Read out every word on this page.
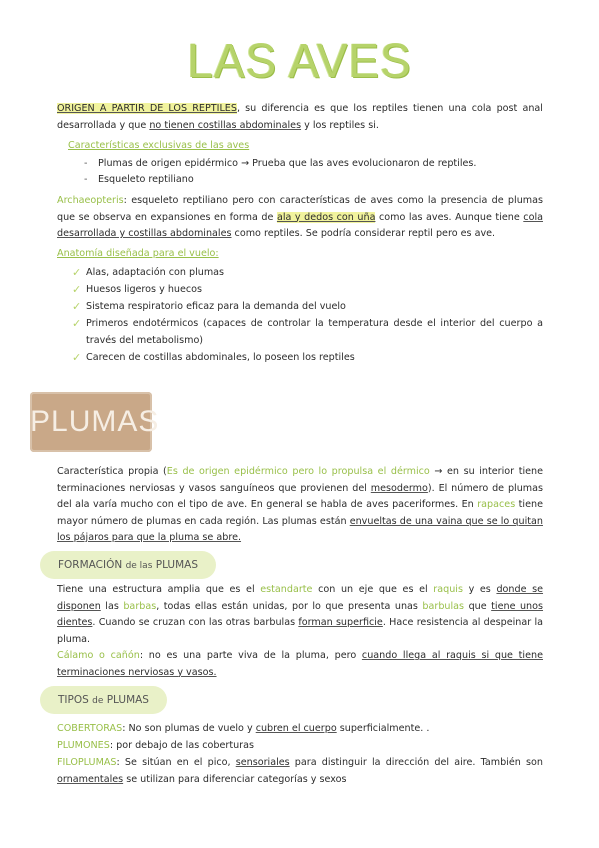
LAS AVES
ORIGEN A PARTIR DE LOS REPTILES, su diferencia es que los reptiles tienen una cola post anal desarrollada y que no tienen costillas abdominales y los reptiles si.
Características exclusivas de las aves
-	Plumas de origen epidérmico → Prueba que las aves evolucionaron de reptiles.
-	Esqueleto reptiliano
Archaeopteris: esqueleto reptiliano pero con características de aves como la presencia de plumas que se observa en expansiones en forma de ala y dedos con uña como las aves. Aunque tiene cola desarrollada y costillas abdominales como reptiles. Se podría considerar reptil pero es ave.
Anatomía diseñada para el vuelo:
✓ Alas, adaptación con plumas
✓ Huesos ligeros y huecos
✓ Sistema respiratorio eficaz para la demanda del vuelo
✓ Primeros endotérmicos (capaces de controlar la temperatura desde el interior del cuerpo a través del metabolismo)
✓ Carecen de costillas abdominales, lo poseen los reptiles
PLUMAS
Característica propia (Es de origen epidérmico pero lo propulsa el dérmico → en su interior tiene terminaciones nerviosas y vasos sanguíneos que provienen del mesodermo). El número de plumas del ala varía mucho con el tipo de ave. En general se habla de aves paceriformes. En rapaces tiene mayor número de plumas en cada región. Las plumas están envueltas de una vaina que se lo quitan los pájaros para que la pluma se abre.
FORMACIÓN de las PLUMAS
Tiene una estructura amplia que es el estandarte con un eje que es el raquis y es donde se disponen las barbas, todas ellas están unidas, por lo que presenta unas barbulas que tiene unos dientes. Cuando se cruzan con las otras barbulas forman superficie. Hace resistencia al despeinar la pluma.
Cálamo o cañón: no es una parte viva de la pluma, pero cuando llega al raquis si que tiene terminaciones nerviosas y vasos.
TIPOS de PLUMAS
COBERTORAS: No son plumas de vuelo y cubren el cuerpo superficialmente. .
PLUMONES: por debajo de las coberturas
FILOPLUMAS: Se sitúan en el pico, sensoriales para distinguir la dirección del aire. También son ornamentales se utilizan para diferenciar categorías y sexos
